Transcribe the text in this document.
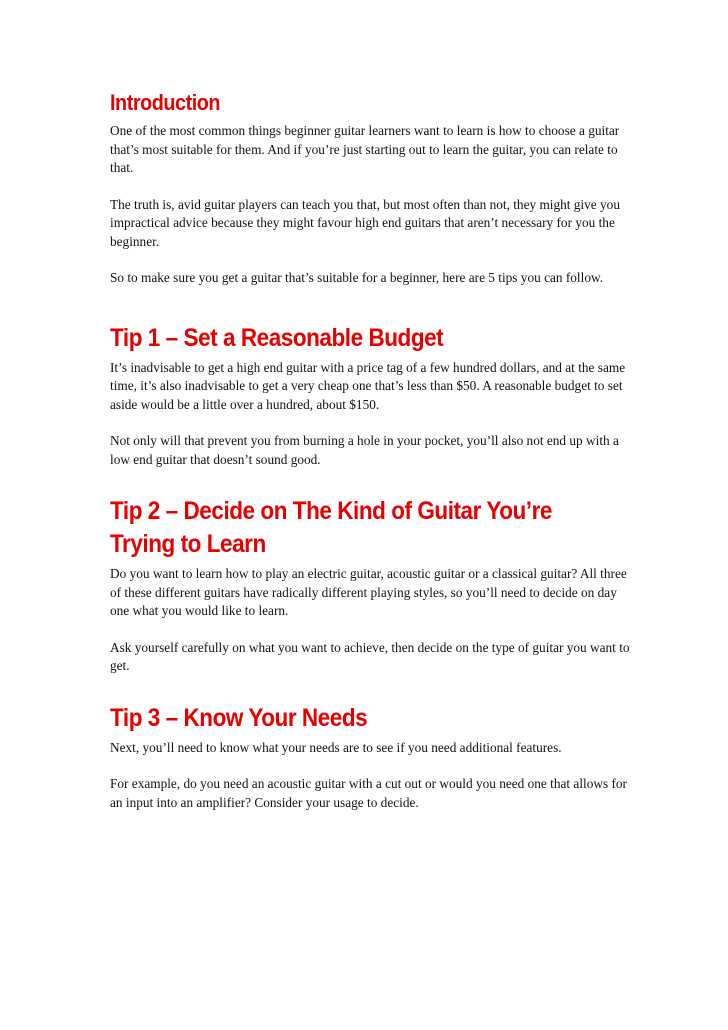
Introduction

One of the most common things beginner guitar learners want to learn is how to choose a guitar that’s most suitable for them. And if you’re just starting out to learn the guitar, you can relate to that.

The truth is, avid guitar players can teach you that, but most often than not, they might give you impractical advice because they might favour high end guitars that aren’t necessary for you the beginner.

So to make sure you get a guitar that’s suitable for a beginner, here are 5 tips you can follow.

Tip 1 – Set a Reasonable Budget

It’s inadvisable to get a high end guitar with a price tag of a few hundred dollars, and at the same time, it’s also inadvisable to get a very cheap one that’s less than $50. A reasonable budget to set aside would be a little over a hundred, about $150.

Not only will that prevent you from burning a hole in your pocket, you’ll also not end up with a low end guitar that doesn’t sound good.

Tip 2 – Decide on The Kind of Guitar You’re Trying to Learn

Do you want to learn how to play an electric guitar, acoustic guitar or a classical guitar? All three of these different guitars have radically different playing styles, so you’ll need to decide on day one what you would like to learn.

Ask yourself carefully on what you want to achieve, then decide on the type of guitar you want to get.

Tip 3 – Know Your Needs

Next, you’ll need to know what your needs are to see if you need additional features.

For example, do you need an acoustic guitar with a cut out or would you need one that allows for an input into an amplifier? Consider your usage to decide.
